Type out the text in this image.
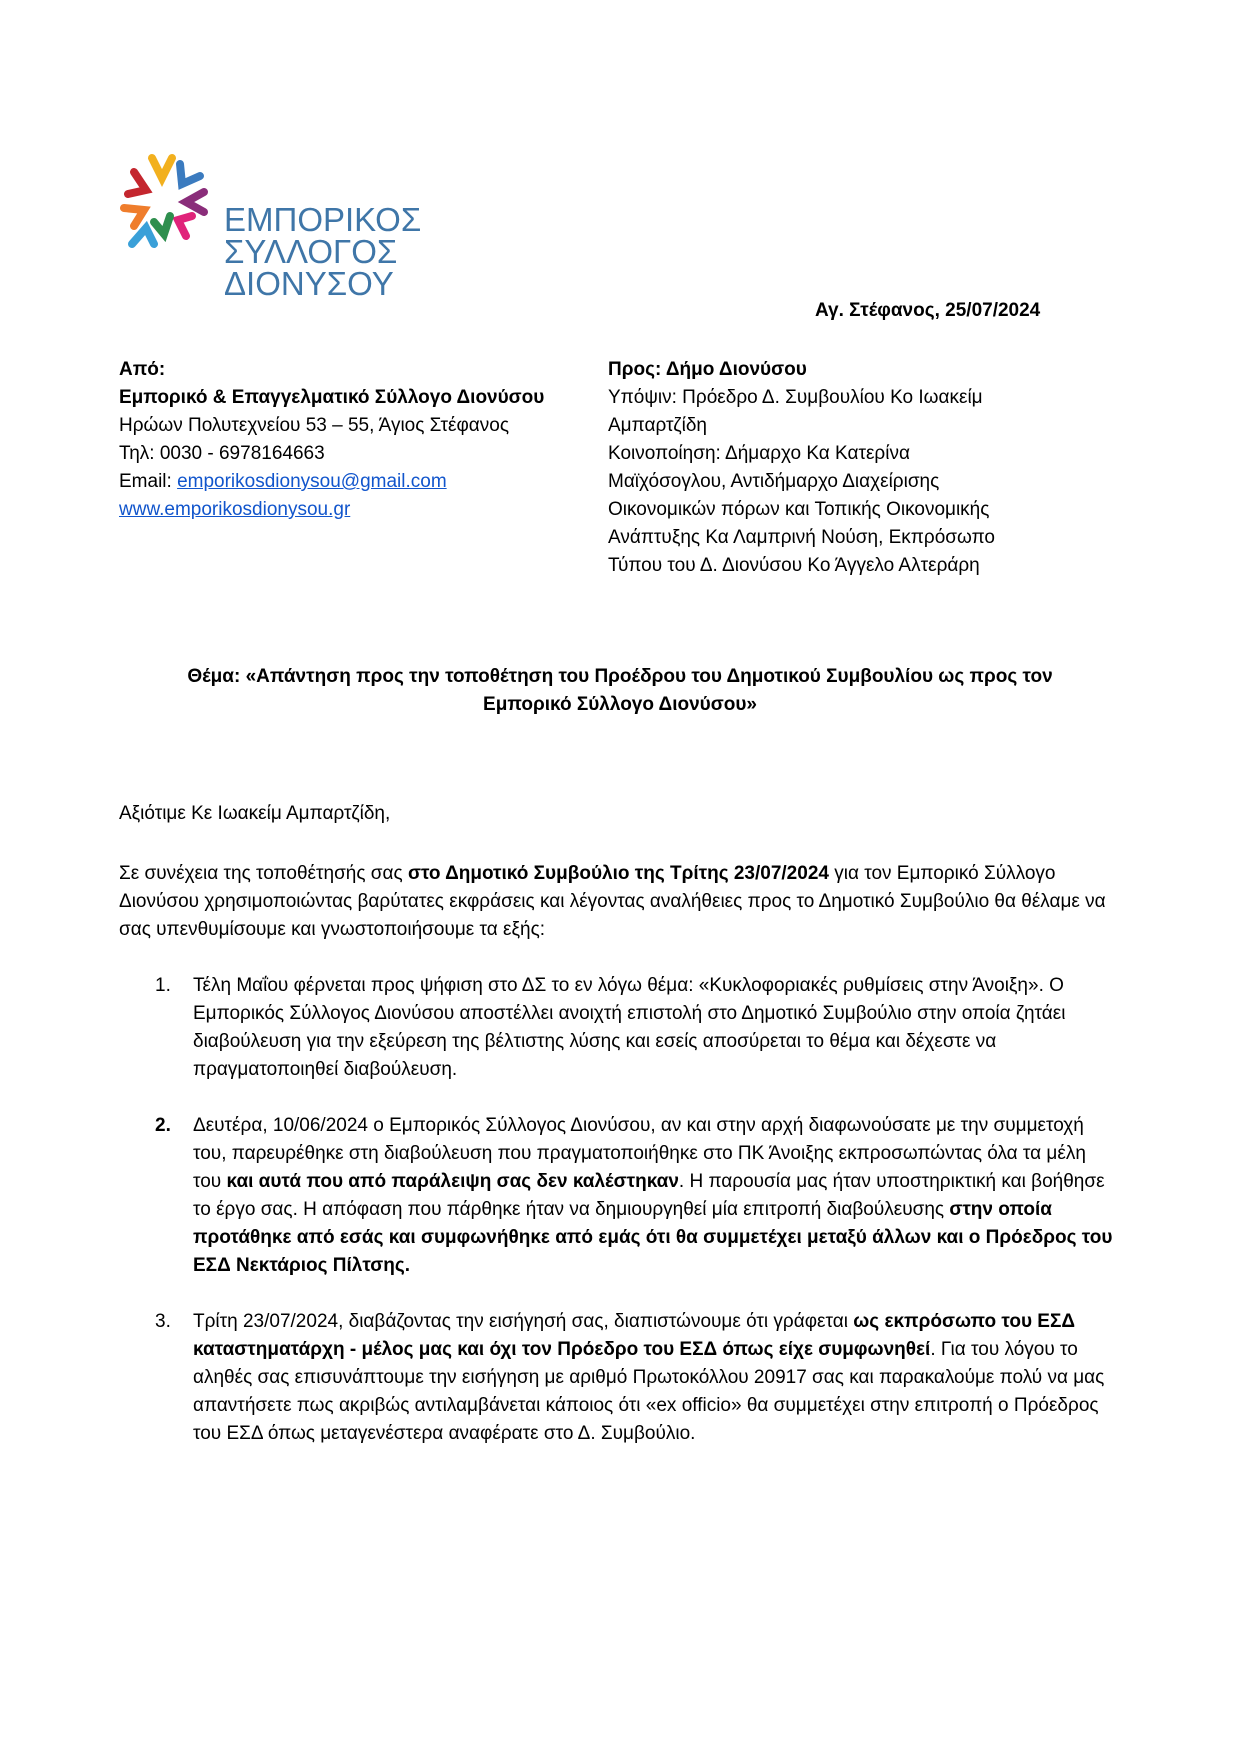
ΕΜΠΟΡΙΚΟΣ
ΣΥΛΛΟΓΟΣ
ΔΙΟΝΥΣΟΥ
Αγ. Στέφανος, 25/07/2024
Από:
Εμπορικό & Επαγγελματικό Σύλλογο Διονύσου
Ηρώων Πολυτεχνείου 53 – 55, Άγιος Στέφανος
Τηλ: 0030 - 6978164663
Email: emporikosdionysou@gmail.com
www.emporikosdionysou.gr
Προς: Δήμο Διονύσου
Υπόψιν: Πρόεδρο Δ. Συμβουλίου Κο Ιωακείμ
Αμπαρτζίδη
Κοινοποίηση: Δήμαρχο Κα Κατερίνα
Μαϊχόσογλου, Αντιδήμαρχο Διαχείρισης
Οικονομικών πόρων και Τοπικής Οικονομικής
Ανάπτυξης Κα Λαμπρινή Νούση, Εκπρόσωπο
Τύπου του Δ. Διονύσου Κο Άγγελο Αλτεράρη
Θέμα: «Απάντηση προς την τοποθέτηση του Προέδρου του Δημοτικού Συμβουλίου ως προς τον
Εμπορικό Σύλλογο Διονύσου»
Αξιότιμε Κε Ιωακείμ Αμπαρτζίδη,
Σε συνέχεια της τοποθέτησής σας στο Δημοτικό Συμβούλιο της Τρίτης 23/07/2024 για τον Εμπορικό Σύλλογο Διονύσου χρησιμοποιώντας βαρύτατες εκφράσεις και λέγοντας αναλήθειες προς το Δημοτικό Συμβούλιο θα θέλαμε να σας υπενθυμίσουμε και γνωστοποιήσουμε τα εξής:
1.	Τέλη Μαΐου φέρνεται προς ψήφιση στο ΔΣ το εν λόγω θέμα: «Κυκλοφοριακές ρυθμίσεις στην Άνοιξη». Ο Εμπορικός Σύλλογος Διονύσου αποστέλλει ανοιχτή επιστολή στο Δημοτικό Συμβούλιο στην οποία ζητάει διαβούλευση για την εξεύρεση της βέλτιστης λύσης και εσείς αποσύρεται το θέμα και δέχεστε να πραγματοποιηθεί διαβούλευση.
2.	Δευτέρα, 10/06/2024 ο Εμπορικός Σύλλογος Διονύσου, αν και στην αρχή διαφωνούσατε με την συμμετοχή του, παρευρέθηκε στη διαβούλευση που πραγματοποιήθηκε στο ΠΚ Άνοιξης εκπροσωπώντας όλα τα μέλη του και αυτά που από παράλειψη σας δεν καλέστηκαν. Η παρουσία μας ήταν υποστηρικτική και βοήθησε το έργο σας. Η απόφαση που πάρθηκε ήταν να δημιουργηθεί μία επιτροπή διαβούλευσης στην οποία προτάθηκε από εσάς και συμφωνήθηκε από εμάς ότι θα συμμετέχει μεταξύ άλλων και ο Πρόεδρος του ΕΣΔ Νεκτάριος Πίλτσης.
3.	Τρίτη 23/07/2024, διαβάζοντας την εισήγησή σας, διαπιστώνουμε ότι γράφεται ως εκπρόσωπο του ΕΣΔ καταστηματάρχη - μέλος μας και όχι τον Πρόεδρο του ΕΣΔ όπως είχε συμφωνηθεί. Για του λόγου το αληθές σας επισυνάπτουμε την εισήγηση με αριθμό Πρωτοκόλλου 20917 σας και παρακαλούμε πολύ να μας απαντήσετε πως ακριβώς αντιλαμβάνεται κάποιος ότι «ex officio» θα συμμετέχει στην επιτροπή ο Πρόεδρος του ΕΣΔ όπως μεταγενέστερα αναφέρατε στο Δ. Συμβούλιο.
